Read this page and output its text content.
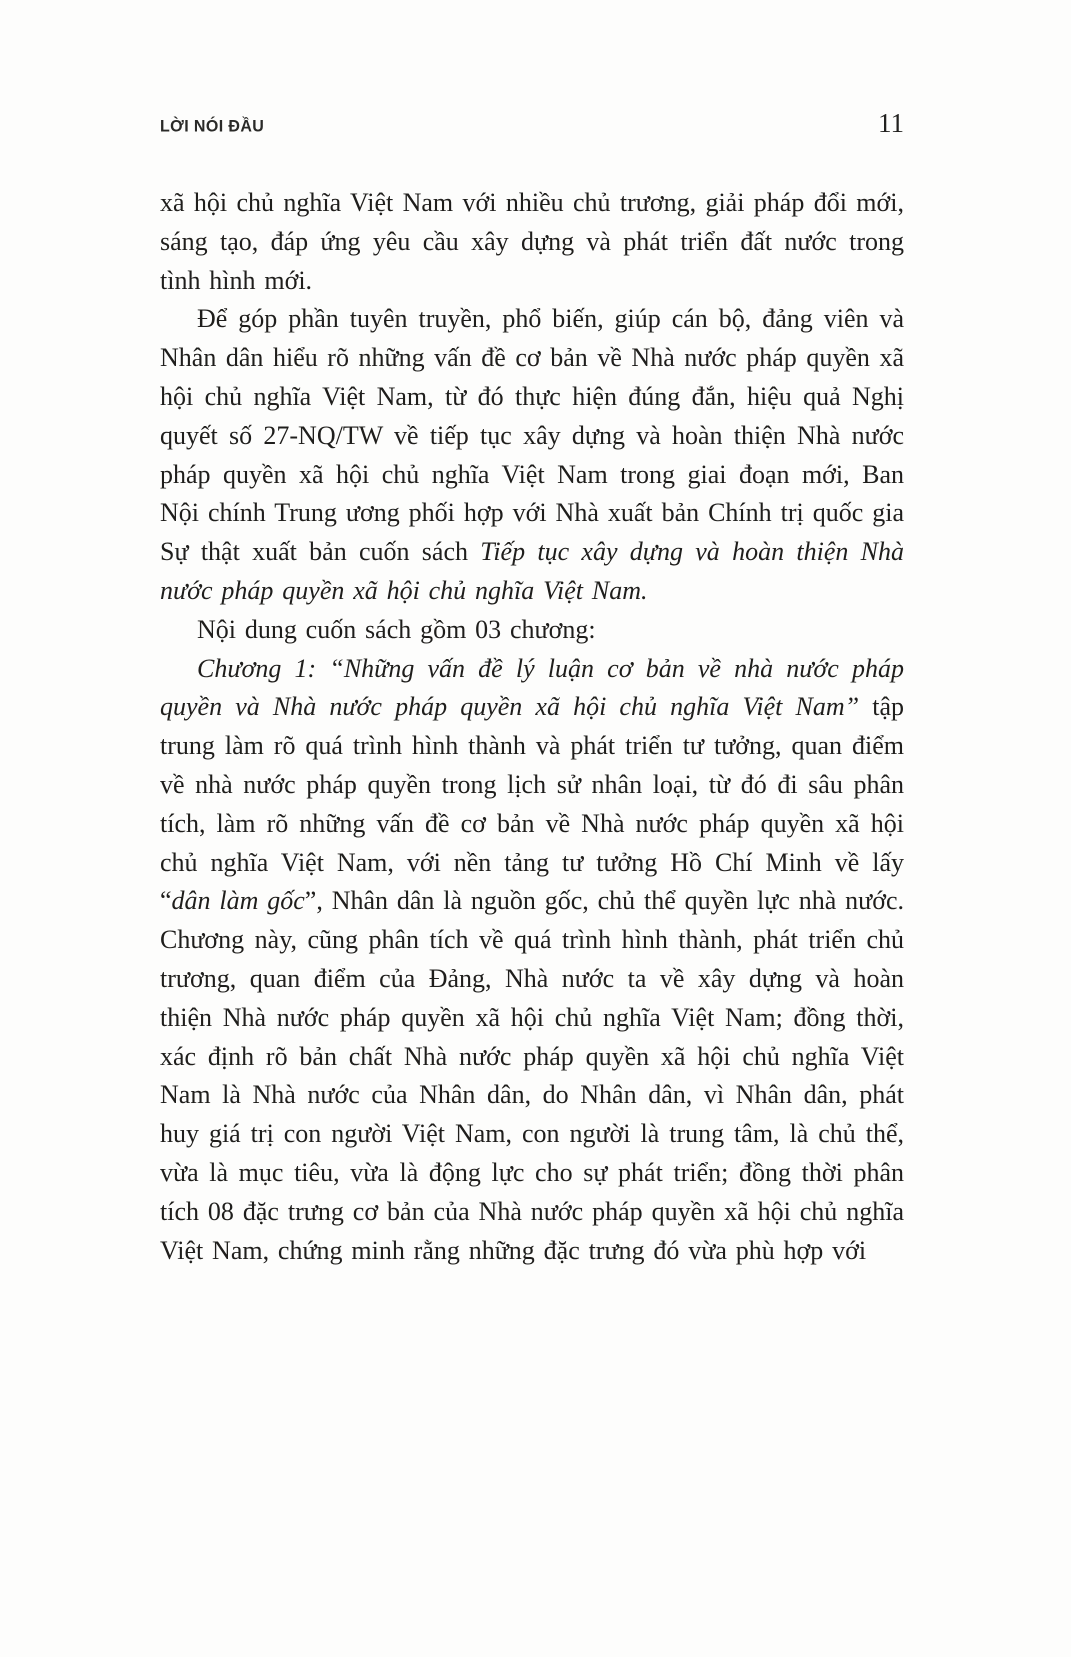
LỜI NÓI ĐẦU	11

xã hội chủ nghĩa Việt Nam với nhiều chủ trương, giải pháp đổi mới, sáng tạo, đáp ứng yêu cầu xây dựng và phát triển đất nước trong tình hình mới.

Để góp phần tuyên truyền, phổ biến, giúp cán bộ, đảng viên và Nhân dân hiểu rõ những vấn đề cơ bản về Nhà nước pháp quyền xã hội chủ nghĩa Việt Nam, từ đó thực hiện đúng đắn, hiệu quả Nghị quyết số 27-NQ/TW về tiếp tục xây dựng và hoàn thiện Nhà nước pháp quyền xã hội chủ nghĩa Việt Nam trong giai đoạn mới, Ban Nội chính Trung ương phối hợp với Nhà xuất bản Chính trị quốc gia Sự thật xuất bản cuốn sách Tiếp tục xây dựng và hoàn thiện Nhà nước pháp quyền xã hội chủ nghĩa Việt Nam.

Nội dung cuốn sách gồm 03 chương:

Chương 1: “Những vấn đề lý luận cơ bản về nhà nước pháp quyền và Nhà nước pháp quyền xã hội chủ nghĩa Việt Nam” tập trung làm rõ quá trình hình thành và phát triển tư tưởng, quan điểm về nhà nước pháp quyền trong lịch sử nhân loại, từ đó đi sâu phân tích, làm rõ những vấn đề cơ bản về Nhà nước pháp quyền xã hội chủ nghĩa Việt Nam, với nền tảng tư tưởng Hồ Chí Minh về lấy “dân làm gốc”, Nhân dân là nguồn gốc, chủ thể quyền lực nhà nước. Chương này, cũng phân tích về quá trình hình thành, phát triển chủ trương, quan điểm của Đảng, Nhà nước ta về xây dựng và hoàn thiện Nhà nước pháp quyền xã hội chủ nghĩa Việt Nam; đồng thời, xác định rõ bản chất Nhà nước pháp quyền xã hội chủ nghĩa Việt Nam là Nhà nước của Nhân dân, do Nhân dân, vì Nhân dân, phát huy giá trị con người Việt Nam, con người là trung tâm, là chủ thể, vừa là mục tiêu, vừa là động lực cho sự phát triển; đồng thời phân tích 08 đặc trưng cơ bản của Nhà nước pháp quyền xã hội chủ nghĩa Việt Nam, chứng minh rằng những đặc trưng đó vừa phù hợp với
